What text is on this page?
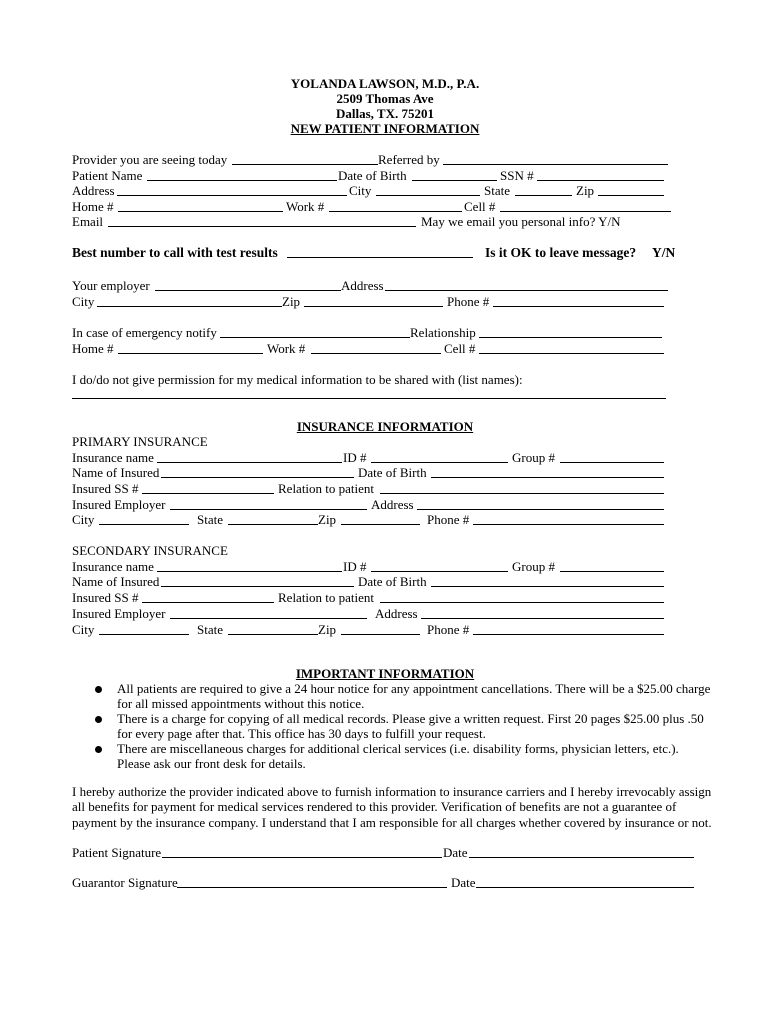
YOLANDA LAWSON, M.D., P.A.
2509 Thomas Ave
Dallas, TX. 75201
NEW PATIENT INFORMATION
Provider you are seeing today	Referred by
Patient Name	Date of Birth	SSN #
Address	City	State	Zip
Home #	Work #	Cell #
Email	May we email you personal info? Y/N
Best number to call with test results	Is it OK to leave message? Y/N
Your employer	Address
City	Zip	Phone #
In case of emergency notify	Relationship
Home #	Work #	Cell #
I do/do not give permission for my medical information to be shared with (list names):
INSURANCE INFORMATION
PRIMARY INSURANCE
Insurance name	ID #	Group #
Name of Insured	Date of Birth
Insured SS #	Relation to patient
Insured Employer	Address
City	State	Zip	Phone #
SECONDARY INSURANCE
Insurance name	ID #	Group #
Name of Insured	Date of Birth
Insured SS #	Relation to patient
Insured Employer	Address
City	State	Zip	Phone #
IMPORTANT INFORMATION
All patients are required to give a 24 hour notice for any appointment cancellations. There will be a $25.00 charge
for all missed appointments without this notice.
There is a charge for copying of all medical records. Please give a written request. First 20 pages $25.00 plus .50
for every page after that. This office has 30 days to fulfill your request.
There are miscellaneous charges for additional clerical services (i.e. disability forms, physician letters, etc.).
Please ask our front desk for details.
I hereby authorize the provider indicated above to furnish information to insurance carriers and I hereby irrevocably assign
all benefits for payment for medical services rendered to this provider. Verification of benefits are not a guarantee of
payment by the insurance company. I understand that I am responsible for all charges whether covered by insurance or not.
Patient Signature	Date
Guarantor Signature	Date
